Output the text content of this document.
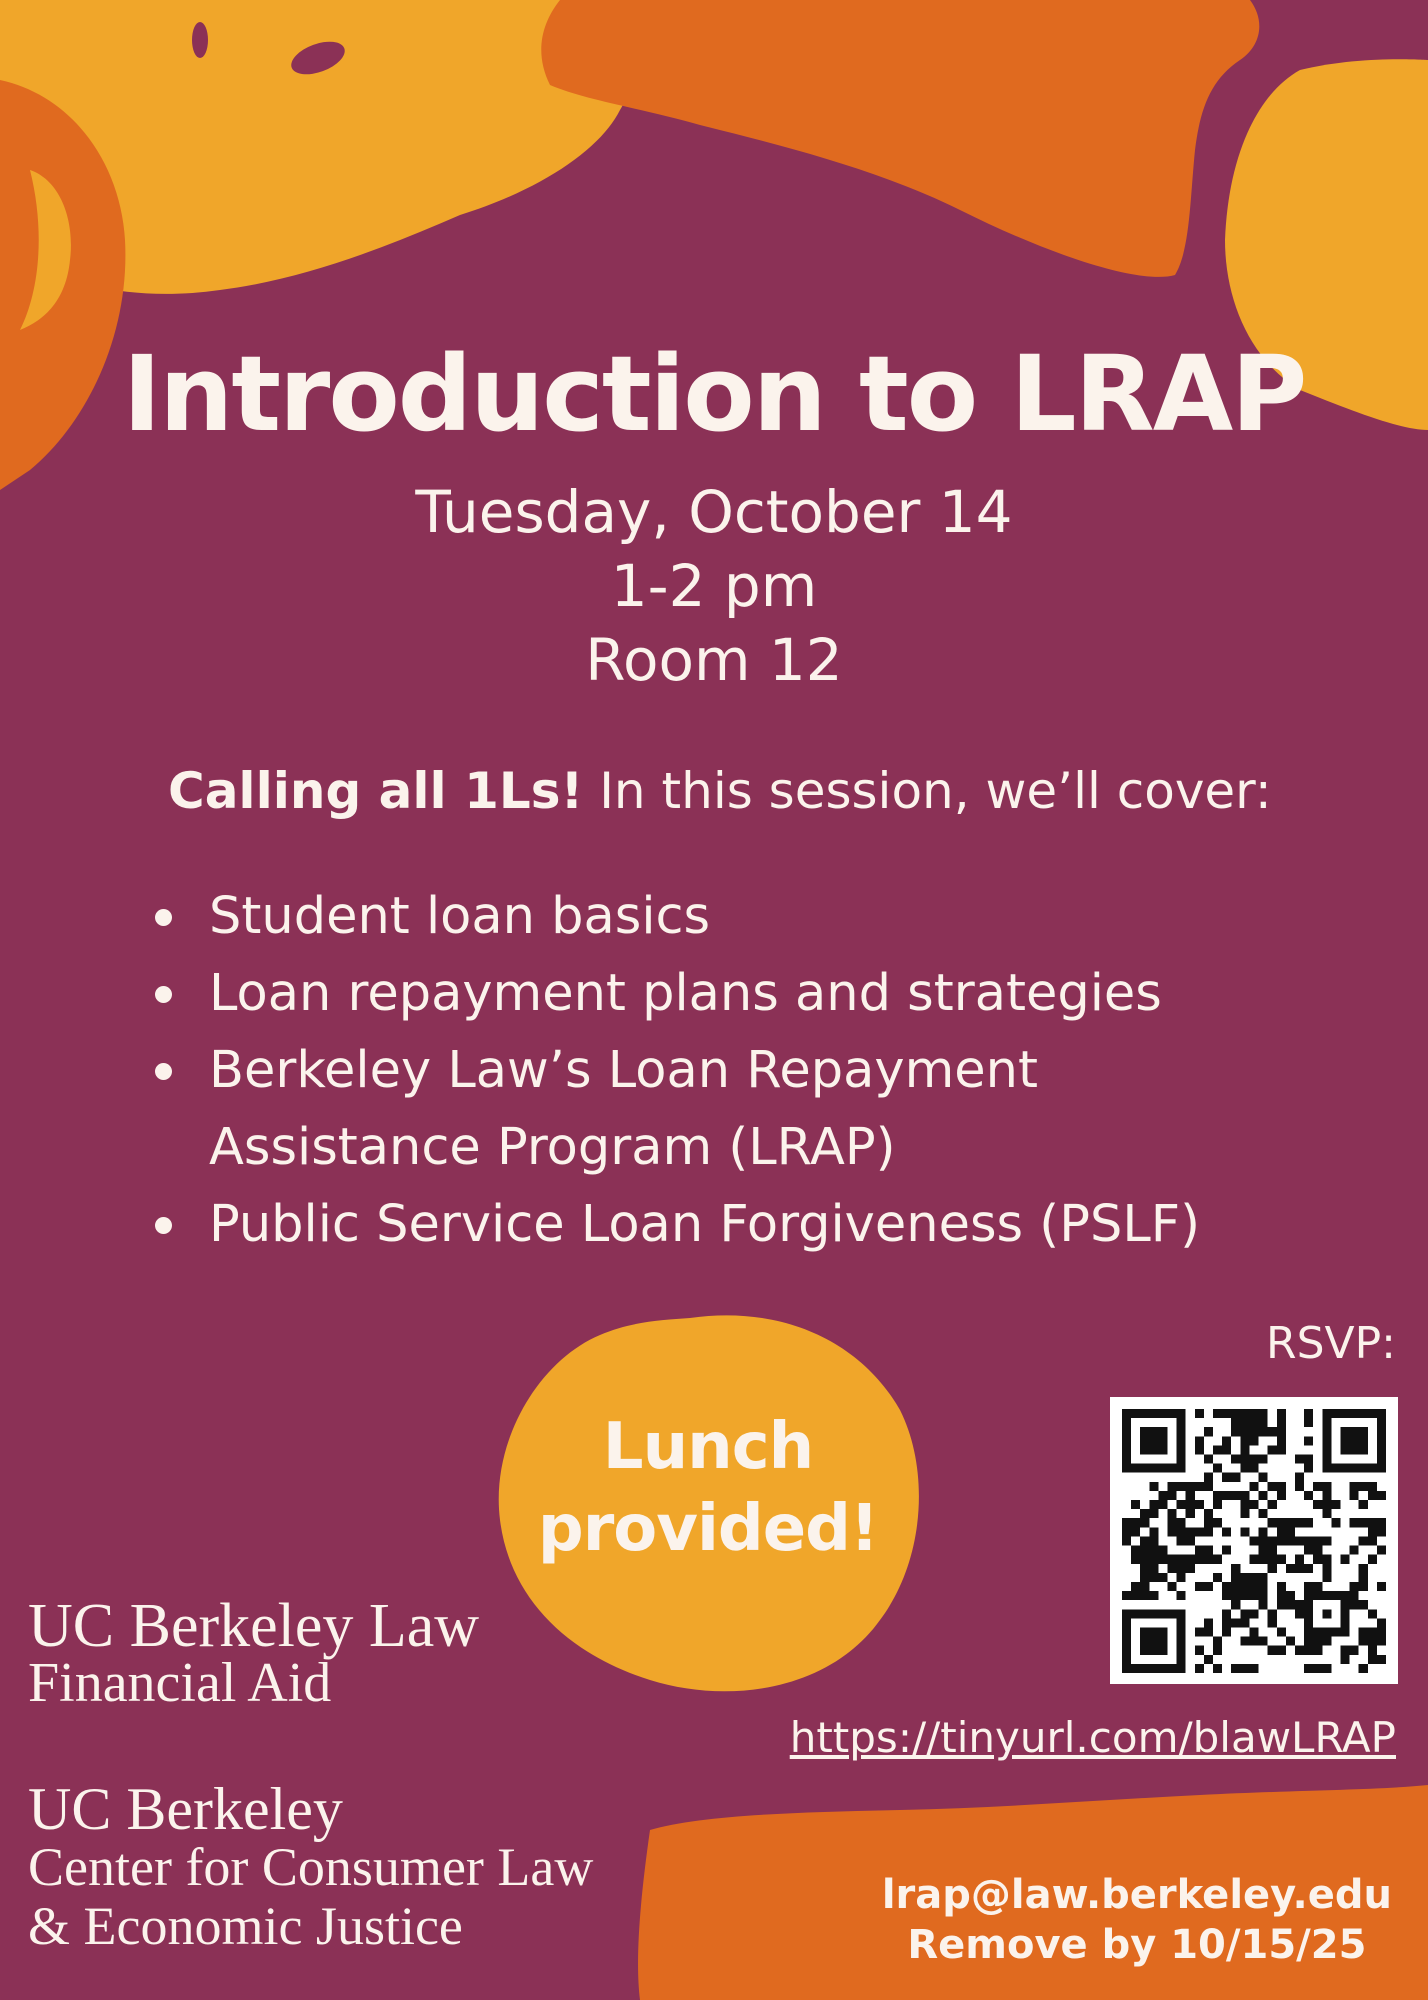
Introduction to LRAP
Tuesday, October 14
1-2 pm
Room 12
Calling all 1Ls! In this session, we’ll cover:
Student loan basics
Loan repayment plans and strategies
Berkeley Law’s Loan Repayment
Assistance Program (LRAP)
Public Service Loan Forgiveness (PSLF)
RSVP:
https://tinyurl.com/blawLRAP
Lunch
provided!
UC Berkeley Law
Financial Aid
UC Berkeley
Center for Consumer Law
& Economic Justice
lrap@law.berkeley.edu
Remove by 10/15/25
